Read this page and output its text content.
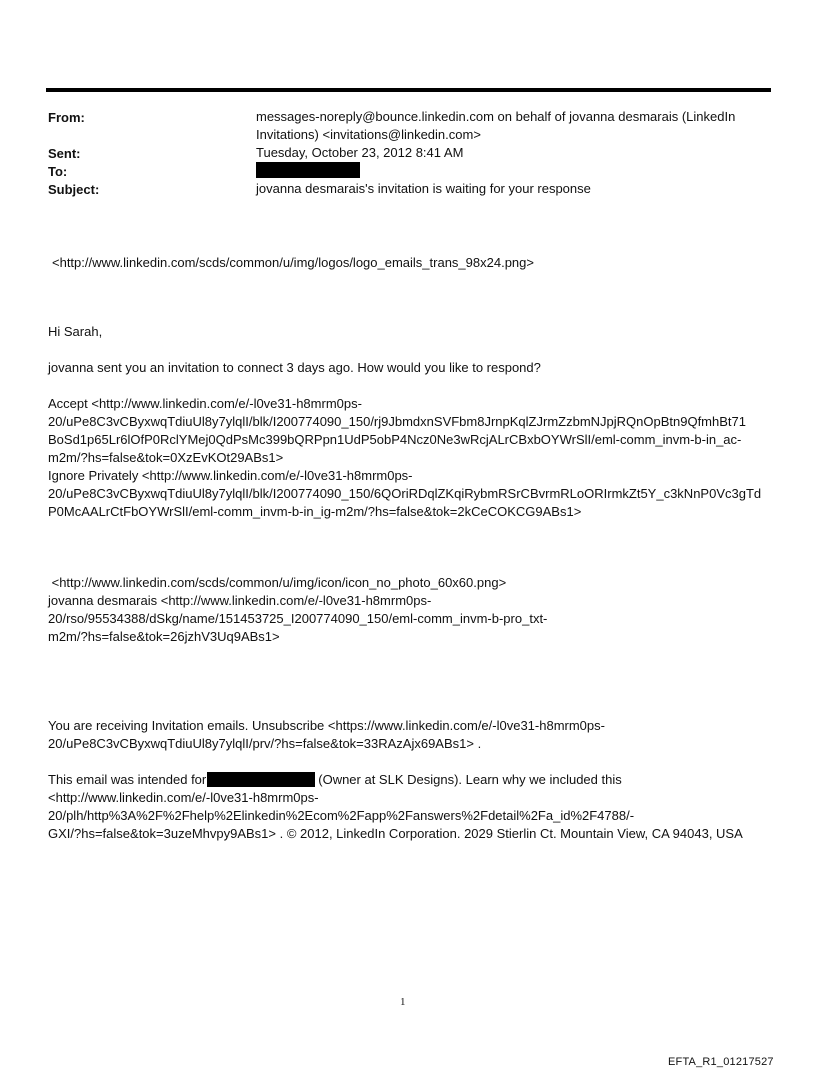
From:	messages-noreply@bounce.linkedin.com on behalf of jovanna desmarais (LinkedIn Invitations) <invitations@linkedin.com>
Sent:	Tuesday, October 23, 2012 8:41 AM
To:
Subject:	jovanna desmarais's invitation is waiting for your response
<http://www.linkedin.com/scds/common/u/img/logos/logo_emails_trans_98x24.png>
Hi Sarah,
jovanna sent you an invitation to connect 3 days ago. How would you like to respond?
Accept <http://www.linkedin.com/e/-l0ve31-h8mrm0ps-
20/uPe8C3vCByxwqTdiuUl8y7ylqlI/blk/I200774090_150/rj9JbmdxnSVFbm8JrnpKqlZJrmZzbmNJpjRQnOpBtn9QfmhBt71
BoSd1p65Lr6lOfP0RclYMej0QdPsMc399bQRPpn1UdP5obP4Ncz0Ne3wRcjALrCBxbOYWrSlI/eml-comm_invm-b-in_ac-
m2m/?hs=false&tok=0XzEvKOt29ABs1>
Ignore Privately <http://www.linkedin.com/e/-l0ve31-h8mrm0ps-
20/uPe8C3vCByxwqTdiuUl8y7ylqlI/blk/I200774090_150/6QOriRDqlZKqiRybmRSrCBvrmRLoORIrmkZt5Y_c3kNnP0Vc3gTd
P0McAALrCtFbOYWrSlI/eml-comm_invm-b-in_ig-m2m/?hs=false&tok=2kCeCOKCG9ABs1>
<http://www.linkedin.com/scds/common/u/img/icon/icon_no_photo_60x60.png>
jovanna desmarais <http://www.linkedin.com/e/-l0ve31-h8mrm0ps-
20/rso/95534388/dSkg/name/151453725_I200774090_150/eml-comm_invm-b-pro_txt-
m2m/?hs=false&tok=26jzhV3Uq9ABs1>
You are receiving Invitation emails. Unsubscribe <https://www.linkedin.com/e/-l0ve31-h8mrm0ps-
20/uPe8C3vCByxwqTdiuUl8y7ylqlI/prv/?hs=false&tok=33RAzAjx69ABs1> .
This email was intended for	(Owner at SLK Designs). Learn why we included this
<http://www.linkedin.com/e/-l0ve31-h8mrm0ps-
20/plh/http%3A%2F%2Fhelp%2Elinkedin%2Ecom%2Fapp%2Fanswers%2Fdetail%2Fa_id%2F4788/-
GXI/?hs=false&tok=3uzeMhvpy9ABs1> . © 2012, LinkedIn Corporation. 2029 Stierlin Ct. Mountain View, CA 94043, USA
1
EFTA_R1_01217527
